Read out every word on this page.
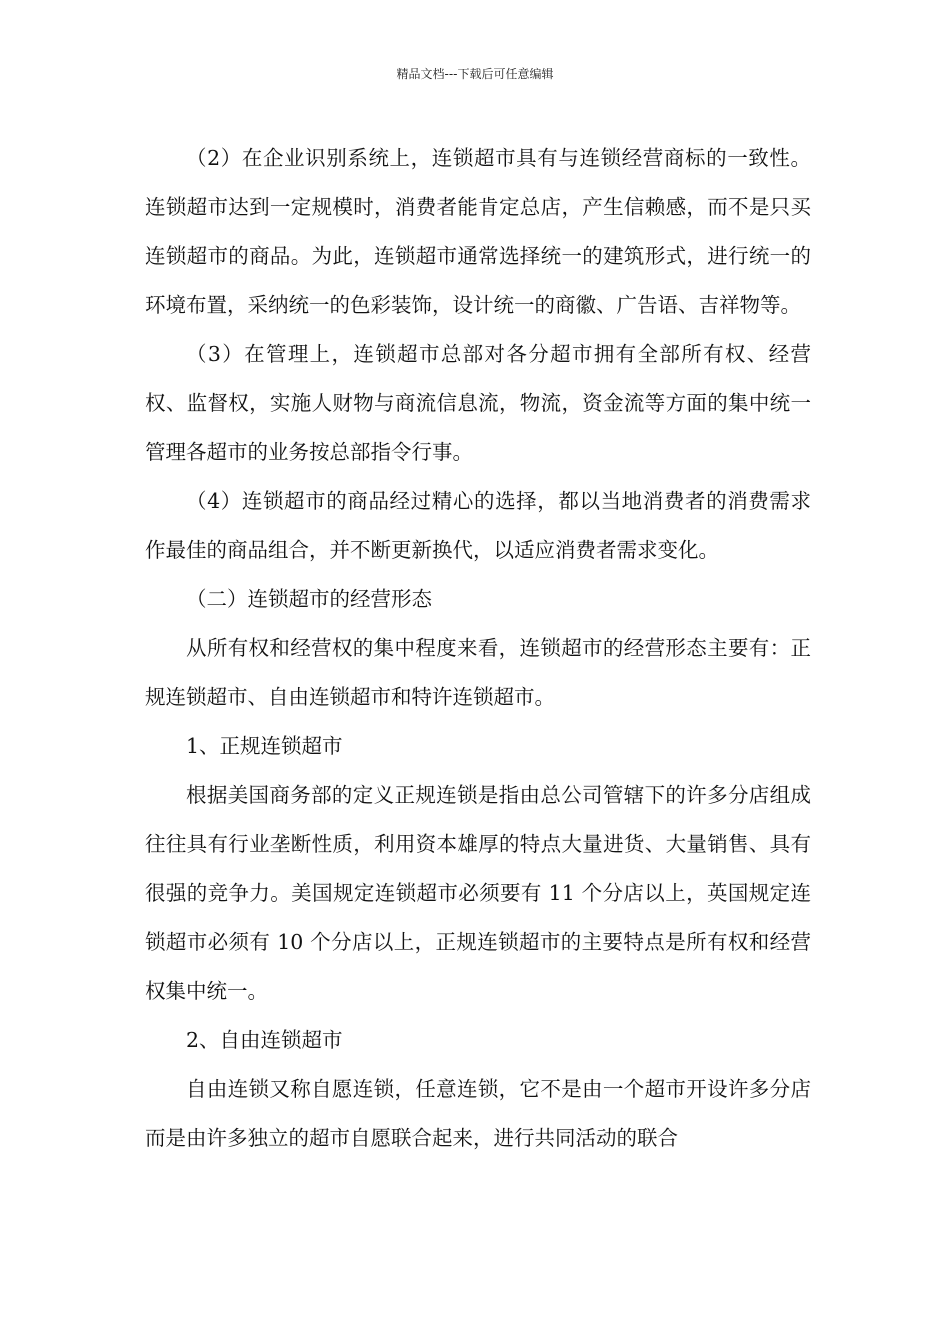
精品文档---下载后可任意编辑

（2）在企业识别系统上，连锁超市具有与连锁经营商标的一致性。连锁超市达到一定规模时，消费者能肯定总店，产生信赖感，而不是只买连锁超市的商品。为此，连锁超市通常选择统一的建筑形式，进行统一的环境布置，采纳统一的色彩装饰，设计统一的商徽、广告语、吉祥物等。

（3）在管理上，连锁超市总部对各分超市拥有全部所有权、经营权、监督权，实施人财物与商流信息流，物流，资金流等方面的集中统一管理各超市的业务按总部指令行事。

（4）连锁超市的商品经过精心的选择，都以当地消费者的消费需求作最佳的商品组合，并不断更新换代，以适应消费者需求变化。

（二）连锁超市的经营形态

从所有权和经营权的集中程度来看，连锁超市的经营形态主要有：正规连锁超市、自由连锁超市和特许连锁超市。

1、正规连锁超市

根据美国商务部的定义正规连锁是指由总公司管辖下的许多分店组成往往具有行业垄断性质，利用资本雄厚的特点大量进货、大量销售、具有很强的竞争力。美国规定连锁超市必须要有 11 个分店以上，英国规定连锁超市必须有 10 个分店以上，正规连锁超市的主要特点是所有权和经营权集中统一。

2、自由连锁超市

自由连锁又称自愿连锁，任意连锁，它不是由一个超市开设许多分店而是由许多独立的超市自愿联合起来，进行共同活动的联合
